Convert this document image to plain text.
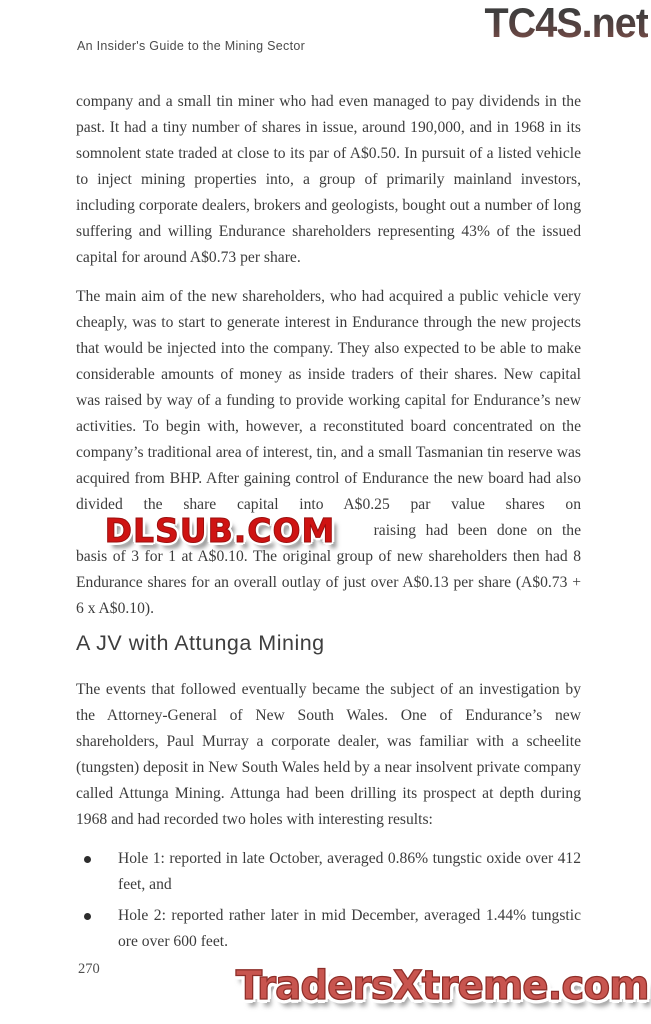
An Insider's Guide to the Mining Sector	TC4S.net
company and a small tin miner who had even managed to pay dividends in the past. It had a tiny number of shares in issue, around 190,000, and in 1968 in its somnolent state traded at close to its par of A$0.50. In pursuit of a listed vehicle to inject mining properties into, a group of primarily mainland investors, including corporate dealers, brokers and geologists, bought out a number of long suffering and willing Endurance shareholders representing 43% of the issued capital for around A$0.73 per share.
The main aim of the new shareholders, who had acquired a public vehicle very cheaply, was to start to generate interest in Endurance through the new projects that would be injected into the company. They also expected to be able to make considerable amounts of money as inside traders of their shares. New capital was raised by way of a funding to provide working capital for Endurance’s new activities. To begin with, however, a reconstituted board concentrated on the company’s traditional area of interest, tin, and a small Tasmanian tin reserve was acquired from BHP. After gaining control of Endurance the new board had also divided the share capital into A$0.25 par value shares on DLSUB.COM raising had been done on the basis of 3 for 1 at A$0.10. The original group of new shareholders then had 8 Endurance shares for an overall outlay of just over A$0.13 per share (A$0.73 + 6 x A$0.10).
A JV with Attunga Mining
The events that followed eventually became the subject of an investigation by the Attorney-General of New South Wales. One of Endurance’s new shareholders, Paul Murray a corporate dealer, was familiar with a scheelite (tungsten) deposit in New South Wales held by a near insolvent private company called Attunga Mining. Attunga had been drilling its prospect at depth during 1968 and had recorded two holes with interesting results:
Hole 1: reported in late October, averaged 0.86% tungstic oxide over 412 feet, and
Hole 2: reported rather later in mid December, averaged 1.44% tungstic ore over 600 feet.
270	TradersXtreme.com
